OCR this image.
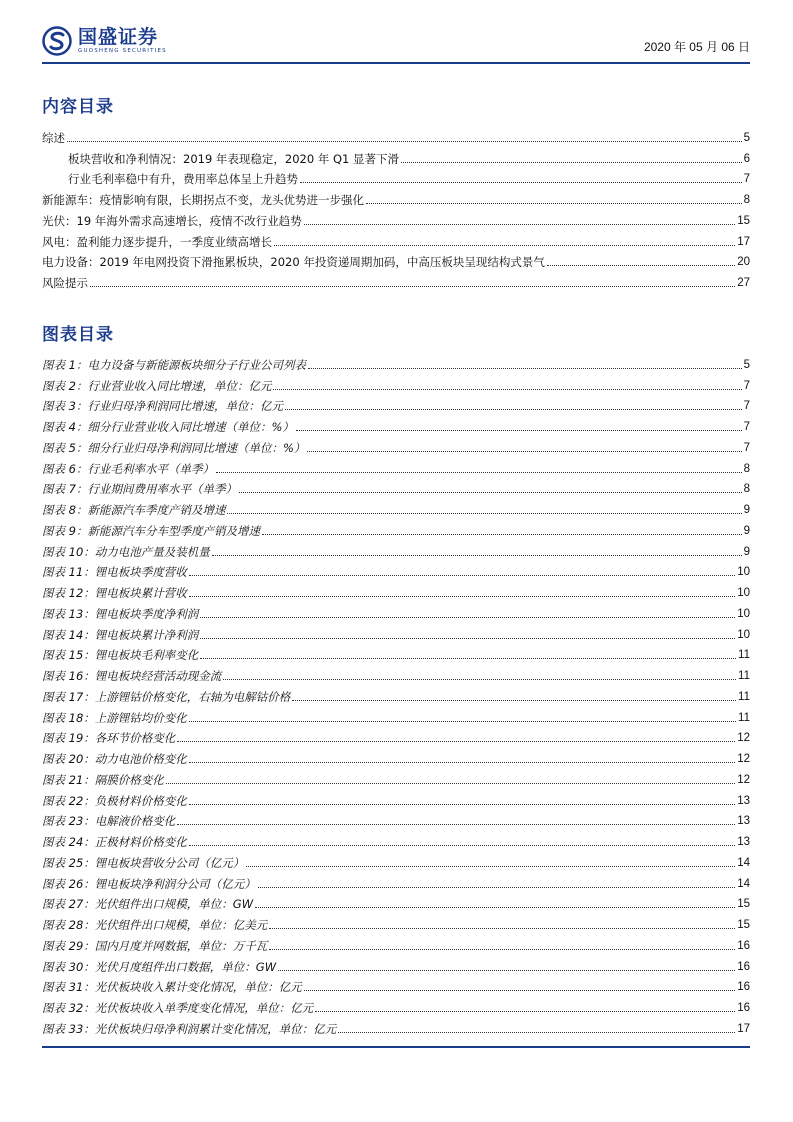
国盛证券
GUOSHENG SECURITIES	2020 年 05 月 06 日
内容目录
综述	5
板块营收和净利情况：2019 年表现稳定，2020 年 Q1 显著下滑	6
行业毛利率稳中有升，费用率总体呈上升趋势	7
新能源车：疫情影响有限，长期拐点不变，龙头优势进一步强化	8
光伏：19 年海外需求高速增长，疫情不改行业趋势	15
风电：盈利能力逐步提升，一季度业绩高增长	17
电力设备：2019 年电网投资下滑拖累板块，2020 年投资递周期加码，中高压板块呈现结构式景气	20
风险提示	27
图表目录
图表 1：电力设备与新能源板块细分子行业公司列表	5
图表 2：行业营业收入同比增速，单位：亿元	7
图表 3：行业归母净利润同比增速，单位：亿元	7
图表 4：细分行业营业收入同比增速（单位：%）	7
图表 5：细分行业归母净利润同比增速（单位：%）	7
图表 6：行业毛利率水平（单季）	8
图表 7：行业期间费用率水平（单季）	8
图表 8：新能源汽车季度产销及增速	9
图表 9：新能源汽车分车型季度产销及增速	9
图表 10：动力电池产量及装机量	9
图表 11：锂电板块季度营收	10
图表 12：锂电板块累计营收	10
图表 13：锂电板块季度净利润	10
图表 14：锂电板块累计净利润	10
图表 15：锂电板块毛利率变化	11
图表 16：锂电板块经营活动现金流	11
图表 17：上游锂钴价格变化，右轴为电解钴价格	11
图表 18：上游锂钴均价变化	11
图表 19：各环节价格变化	12
图表 20：动力电池价格变化	12
图表 21：隔膜价格变化	12
图表 22：负极材料价格变化	13
图表 23：电解液价格变化	13
图表 24：正极材料价格变化	13
图表 25：锂电板块营收分公司（亿元）	14
图表 26：锂电板块净利润分公司（亿元）	14
图表 27：光伏组件出口规模，单位：GW	15
图表 28：光伏组件出口规模，单位：亿美元	15
图表 29：国内月度并网数据，单位：万千瓦	16
图表 30：光伏月度组件出口数据，单位：GW	16
图表 31：光伏板块收入累计变化情况，单位：亿元	16
图表 32：光伏板块收入单季度变化情况，单位：亿元	16
图表 33：光伏板块归母净利润累计变化情况，单位：亿元	17
